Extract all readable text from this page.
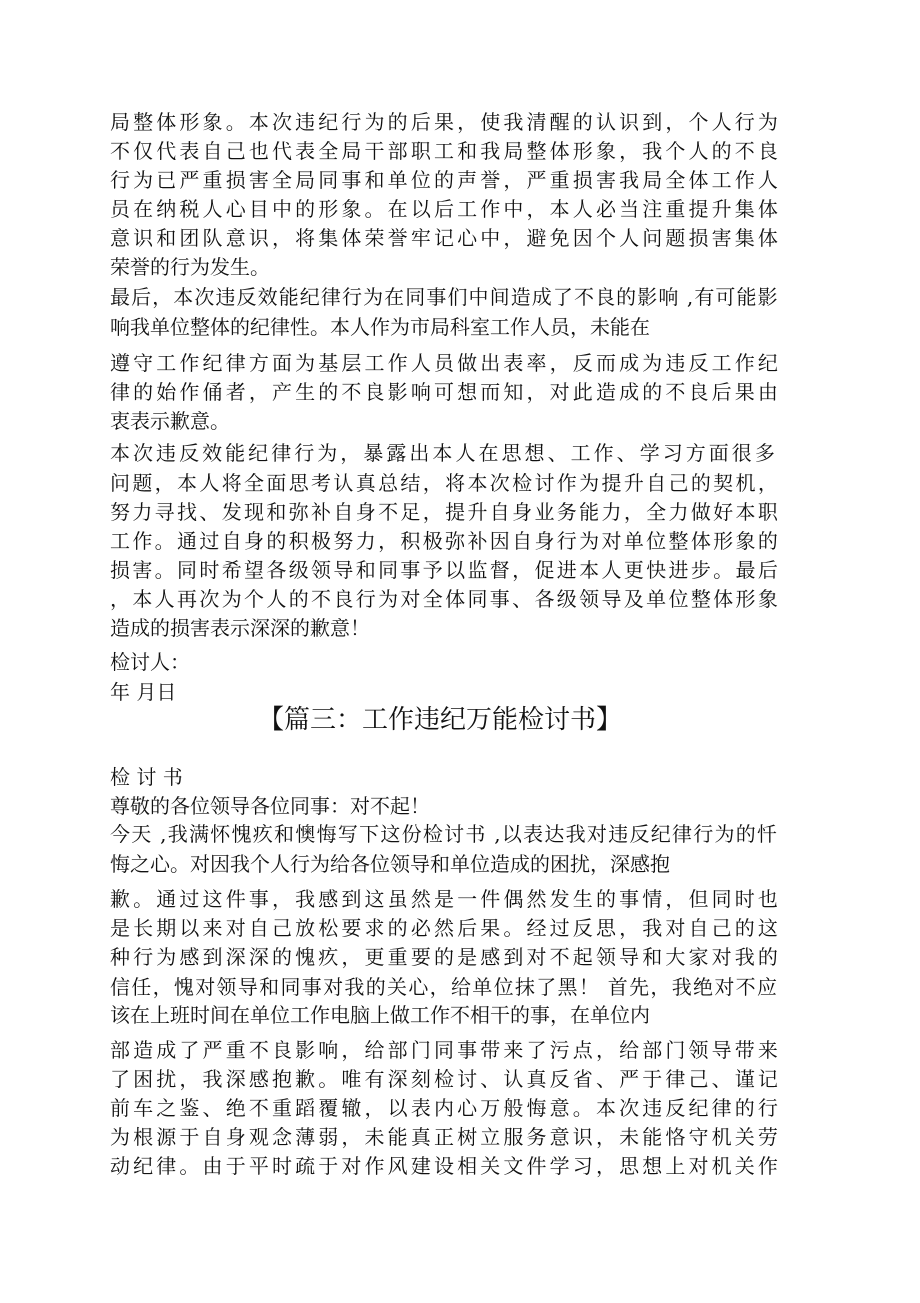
局整体形象。本次违纪行为的后果，使我清醒的认识到，个人行为

不仅代表自己也代表全局干部职工和我局整体形象，我个人的不良

行为已严重损害全局同事和单位的声誉，严重损害我局全体工作人

员在纳税人心目中的形象。在以后工作中，本人必当注重提升集体

意识和团队意识，将集体荣誉牢记心中，避免因个人问题损害集体

荣誉的行为发生。

最后，本次违反效能纪律行为在同事们中间造成了不良的影响 ,有可能影

响我单位整体的纪律性。本人作为市局科室工作人员，未能在

遵守工作纪律方面为基层工作人员做出表率，反而成为违反工作纪

律的始作俑者，产生的不良影响可想而知，对此造成的不良后果由

衷表示歉意。

本次违反效能纪律行为，暴露出本人在思想、工作、学习方面很多

问题，本人将全面思考认真总结，将本次检讨作为提升自己的契机，

努力寻找、发现和弥补自身不足，提升自身业务能力，全力做好本职

工作。通过自身的积极努力，积极弥补因自身行为对单位整体形象的

损害。同时希望各级领导和同事予以监督，促进本人更快进步。最后

，本人再次为个人的不良行为对全体同事、各级领导及单位整体形象

造成的损害表示深深的歉意！

检讨人：

年 月日

【篇三：工作违纪万能检讨书】

检 讨 书

尊敬的各位领导各位同事：对不起！

今天 ,我满怀愧疚和懊悔写下这份检讨书 ,以表达我对违反纪律行为的忏

悔之心。对因我个人行为给各位领导和单位造成的困扰，深感抱

歉。通过这件事，我感到这虽然是一件偶然发生的事情，但同时也

是长期以来对自己放松要求的必然后果。经过反思，我对自己的这

种行为感到深深的愧疚，更重要的是感到对不起领导和大家对我的

信任，愧对领导和同事对我的关心，给单位抹了黑！ 首先，我绝对不应

该在上班时间在单位工作电脑上做工作不相干的事，在单位内

部造成了严重不良影响，给部门同事带来了污点，给部门领导带来

了困扰，我深感抱歉。唯有深刻检讨、认真反省、严于律己、谨记

前车之鉴、绝不重蹈覆辙，以表内心万般悔意。本次违反纪律的行

为根源于自身观念薄弱，未能真正树立服务意识，未能恪守机关劳

动纪律。由于平时疏于对作风建设相关文件学习，思想上对机关作
